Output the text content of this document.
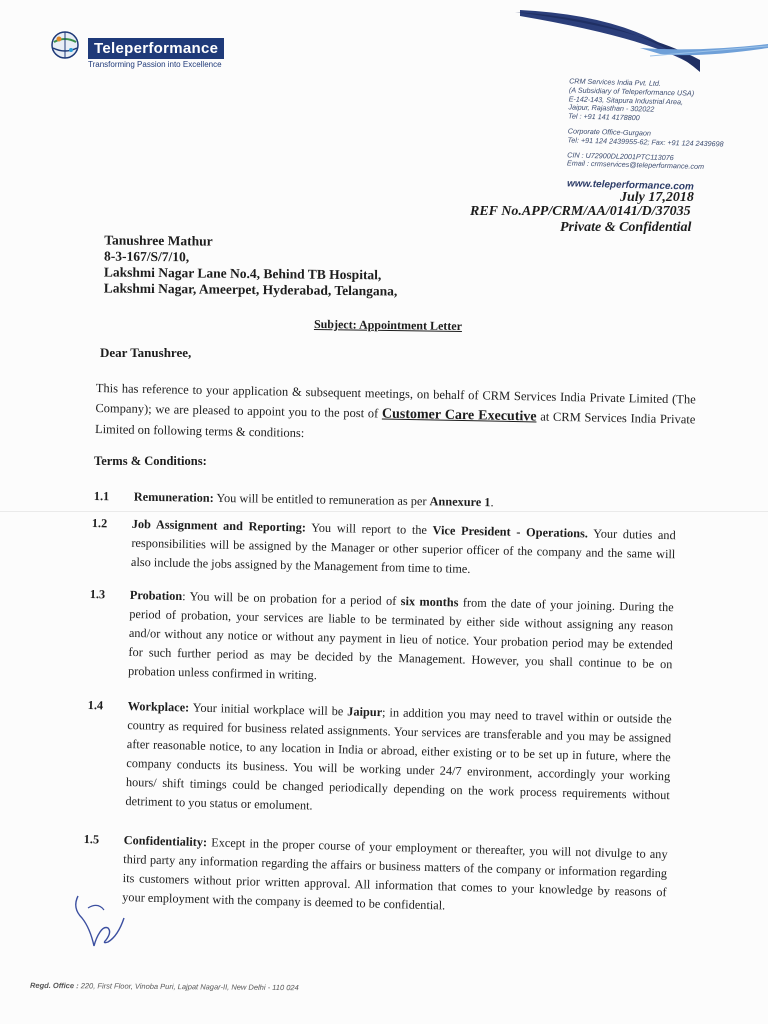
Teleperformance
Transforming Passion into Excellence
CRM Services India Pvt. Ltd.
(A Subsidiary of Teleperformance USA)
E-142-143, Sitapura Industrial Area,
Jaipur, Rajasthan - 302022
Tel : +91 141 4178800
Corporate Office-Gurgaon
Tel: +91 124 2439955-62; Fax: +91 124 2439698
CIN : U72900DL2001PTC113076
Email : crmservices@teleperformance.com
www.teleperformance.com
July 17,2018
REF No.APP/CRM/AA/0141/D/37035
Private & Confidential
Tanushree Mathur
8-3-167/S/7/10,
Lakshmi Nagar Lane No.4, Behind TB Hospital,
Lakshmi Nagar, Ameerpet, Hyderabad, Telangana,
Subject: Appointment Letter
Dear Tanushree,
This has reference to your application & subsequent meetings, on behalf of CRM Services India Private Limited (The Company); we are pleased to appoint you to the post of Customer Care Executive at CRM Services India Private Limited on following terms & conditions:
Terms & Conditions:
1.1 Remuneration: You will be entitled to remuneration as per Annexure 1.
1.2 Job Assignment and Reporting: You will report to the Vice President - Operations. Your duties and responsibilities will be assigned by the Manager or other superior officer of the company and the same will also include the jobs assigned by the Management from time to time.
1.3 Probation: You will be on probation for a period of six months from the date of your joining. During the period of probation, your services are liable to be terminated by either side without assigning any reason and/or without any notice or without any payment in lieu of notice. Your probation period may be extended for such further period as may be decided by the Management. However, you shall continue to be on probation unless confirmed in writing.
1.4 Workplace: Your initial workplace will be Jaipur; in addition you may need to travel within or outside the country as required for business related assignments. Your services are transferable and you may be assigned after reasonable notice, to any location in India or abroad, either existing or to be set up in future, where the company conducts its business. You will be working under 24/7 environment, accordingly your working hours/ shift timings could be changed periodically depending on the work process requirements without detriment to you status or emolument.
1.5 Confidentiality: Except in the proper course of your employment or thereafter, you will not divulge to any third party any information regarding the affairs or business matters of the company or information regarding its customers without prior written approval. All information that comes to your knowledge by reasons of your employment with the company is deemed to be confidential.
Regd. Office : 220, First Floor, Vinoba Puri, Lajpat Nagar-II, New Delhi - 110 024
